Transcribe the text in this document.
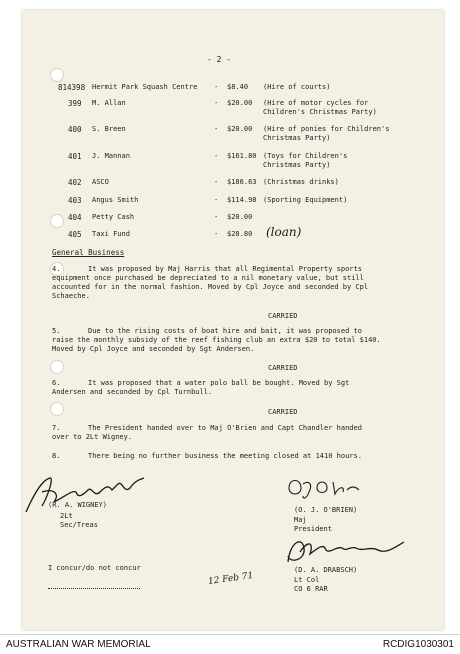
- 2 -
814398 Hermit Park Squash Centre - $8.40 (Hire of courts)
399 M. Allan	- $20.00 (Hire of motor cycles for Children's Christmas Party)
400 S. Breen	- $20.00 (Hire of ponies for Children's Christmas Party)
401 J. Mannan	- $161.80 (Toys for Children's Christmas Party)
402 ASCO	- $186.63 (Christmas drinks)
403 Angus Smith	- $114.98 (Sporting Equipment)
404 Petty Cash	- $20.00
405 Taxi Fund	- $28.80 (loan)
General Business
4.	It was proposed by Maj Harris that all Regimental Property sports equipment once purchased be depreciated to a nil monetary value, but still accounted for in the normal fashion. Moved by Cpl Joyce and seconded by Cpl Schaeche.
CARRIED
5.	Due to the rising costs of boat hire and bait, it was proposed to raise the monthly subsidy of the reef fishing club an extra $20 to total $140. Moved by Cpl Joyce and seconded by Sgt Andersen.
CARRIED
6.	It was proposed that a water polo ball be bought. Moved by Sgt Andersen and seconded by Cpl Turnbull.
CARRIED
7.	The President handed over to Maj O'Brien and Capt Chandler handed over to 2Lt Wigney.
8.	There being no further business the meeting closed at 1410 hours.
(R. A. WIGNEY)
2Lt
Sec/Treas
(O. J. O'BRIEN)
Maj
President
(D. A. DRABSCH)
Lt Col
CO 6 RAR
I concur/do not concur
12 Feb 71
AUSTRALIAN WAR MEMORIAL	RCDIG1030301
